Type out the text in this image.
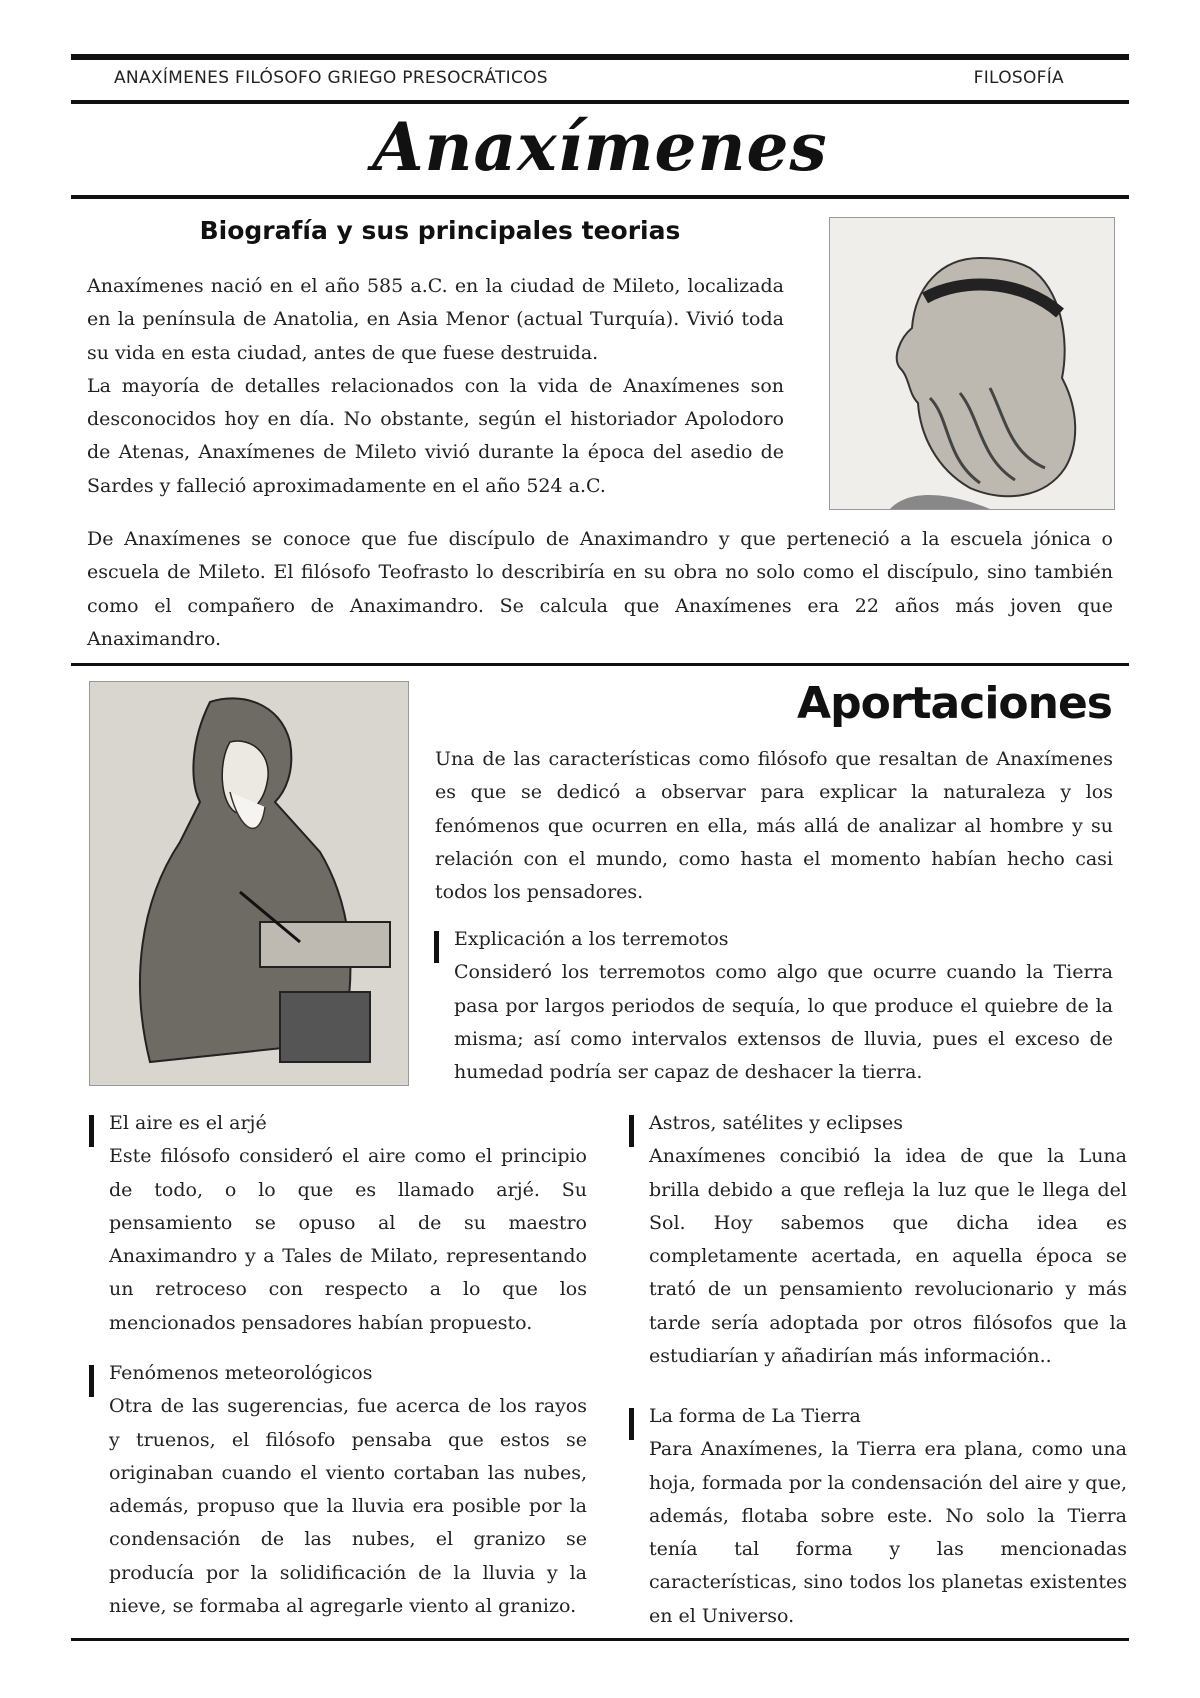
ANAXÍMENES FILÓSOFO GRIEGO PRESOCRÁTICOS	FILOSOFÍA
Anaxímenes
Biografía y sus principales teorias

Anaxímenes nació en el año 585 a.C. en la ciudad de Mileto, localizada en la península de Anatolia, en Asia Menor (actual Turquía). Vivió toda su vida en esta ciudad, antes de que fuese destruida.

La mayoría de detalles relacionados con la vida de Anaxímenes son desconocidos hoy en día. No obstante, según el historiador Apolodoro de Atenas, Anaxímenes de Mileto vivió durante la época del asedio de Sardes y falleció aproximadamente en el año 524 a.C.

De Anaxímenes se conoce que fue discípulo de Anaximandro y que perteneció a la escuela jónica o escuela de Mileto. El filósofo Teofrasto lo describiría en su obra no solo como el discípulo, sino también como el compañero de Anaximandro. Se calcula que Anaxímenes era 22 años más joven que Anaximandro.

Aportaciones
Una de las características como filósofo que resaltan de Anaxímenes es que se dedicó a observar para explicar la naturaleza y los fenómenos que ocurren en ella, más allá de analizar al hombre y su relación con el mundo, como hasta el momento habían hecho casi todos los pensadores.
Explicación a los terremotos
Consideró los terremotos como algo que ocurre cuando la Tierra pasa por largos periodos de sequía, lo que produce el quiebre de la misma; así como intervalos extensos de lluvia, pues el exceso de humedad podría ser capaz de deshacer la tierra.
El aire es el arjé
Este filósofo consideró el aire como el principio de todo, o lo que es llamado arjé. Su pensamiento se opuso al de su maestro Anaximandro y a Tales de Milato, representando un retroceso con respecto a lo que los mencionados pensadores habían propuesto.
Fenómenos meteorológicos
Otra de las sugerencias, fue acerca de los rayos y truenos, el filósofo pensaba que estos se originaban cuando el viento cortaban las nubes, además, propuso que la lluvia era posible por la condensación de las nubes, el granizo se producía por la solidificación de la lluvia y la nieve, se formaba al agregarle viento al granizo.
Astros, satélites y eclipses
Anaxímenes concibió la idea de que la Luna brilla debido a que refleja la luz que le llega del Sol. Hoy sabemos que dicha idea es completamente acertada, en aquella época se trató de un pensamiento revolucionario y más tarde sería adoptada por otros filósofos que la estudiarían y añadirían más información..
La forma de La Tierra
Para Anaxímenes, la Tierra era plana, como una hoja, formada por la condensación del aire y que, además, flotaba sobre este. No solo la Tierra tenía tal forma y las mencionadas características, sino todos los planetas existentes en el Universo.
